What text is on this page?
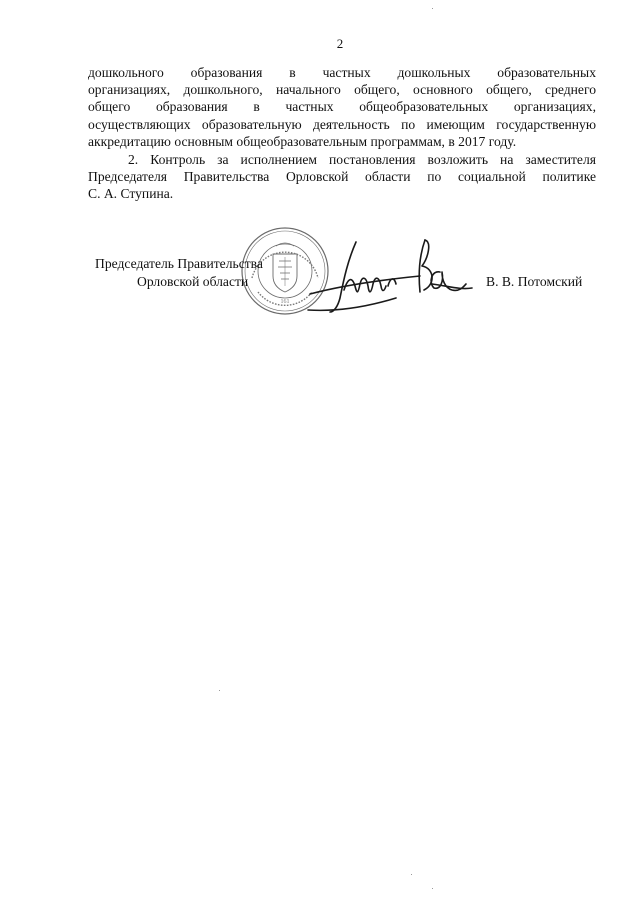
2
дошкольного образования в частных дошкольных образовательных
организациях, дошкольного, начального общего, основного общего, среднего
общего образования в частных общеобразовательных организациях,
осуществляющих образовательную деятельность по имеющим государственную
аккредитацию основным общеобразовательным программам, в 2017 году.
2. Контроль за исполнением постановления возложить на заместителя
Председателя Правительства Орловской области по социальной политике
С. А. Ступина.
161
Председатель Правительства
Орловской области	В. В. Потомский
